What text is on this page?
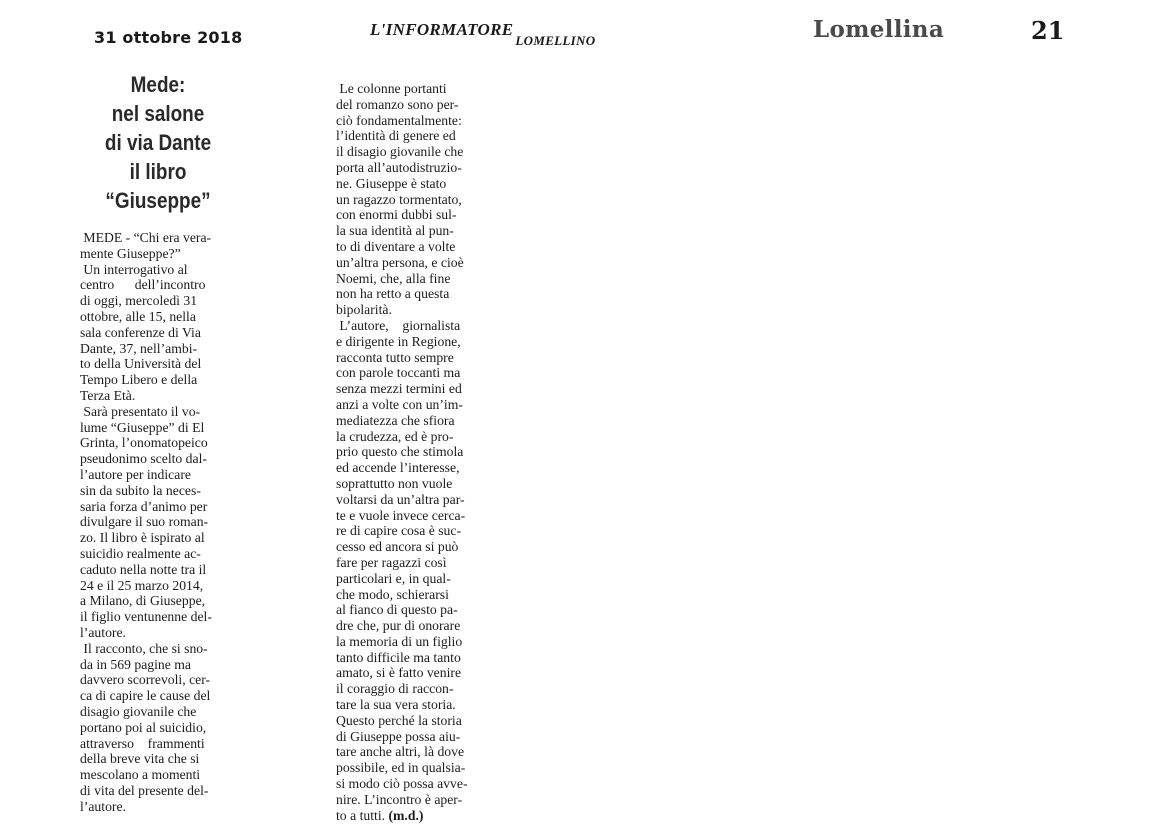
31 ottobre 2018	$L'INFORMATORE_{LOMELLINO}$	Lomellina	21
Mede:
nel salone
di via Dante
il libro
“Giuseppe”
MEDE - “Chi era vera-
mente Giuseppe?”
Un interrogativo al
centro      dell’incontro
di oggi, mercoledì 31
ottobre, alle 15, nella
sala conferenze di Via
Dante, 37, nell’ambi-
to della Università del
Tempo Libero e della
Terza Età.
Sarà presentato il vo-
lume “Giuseppe” di El
Grinta, l’onomatopeico
pseudonimo scelto dal-
l’autore per indicare
sin da subito la neces-
saria forza d’animo per
divulgare il suo roman-
zo. Il libro è ispirato al
suicidio realmente ac-
caduto nella notte tra il
24 e il 25 marzo 2014,
a Milano, di Giuseppe,
il figlio ventunenne del-
l’autore.
Il racconto, che si sno-
da in 569 pagine ma
davvero scorrevoli, cer-
ca di capire le cause del
disagio giovanile che
portano poi al suicidio,
attraverso    frammenti
della breve vita che si
mescolano a momenti
di vita del presente del-
l’autore.
Le colonne portanti
del romanzo sono per-
ciò fondamentalmente:
l’identità di genere ed
il disagio giovanile che
porta all’autodistruzio-
ne. Giuseppe è stato
un ragazzo tormentato,
con enormi dubbi sul-
la sua identità al pun-
to di diventare a volte
un’altra persona, e cioè
Noemi, che, alla fine
non ha retto a questa
bipolarità.
L’autore,    giornalista
e dirigente in Regione,
racconta tutto sempre
con parole toccanti ma
senza mezzi termini ed
anzi a volte con un’im-
mediatezza che sfiora
la crudezza, ed è pro-
prio questo che stimola
ed accende l’interesse,
soprattutto non vuole
voltarsi da un’altra par-
te e vuole invece cerca-
re di capire cosa è suc-
cesso ed ancora si può
fare per ragazzi così
particolari e, in qual-
che modo, schierarsi
al fianco di questo pa-
dre che, pur di onorare
la memoria di un figlio
tanto difficile ma tanto
amato, si è fatto venire
il coraggio di raccon-
tare la sua vera storia.
Questo perché la storia
di Giuseppe possa aiu-
tare anche altri, là dove
possibile, ed in qualsia-
si modo ciò possa avve-
nire. L’incontro è aper-
to a tutti. (m.d.)
